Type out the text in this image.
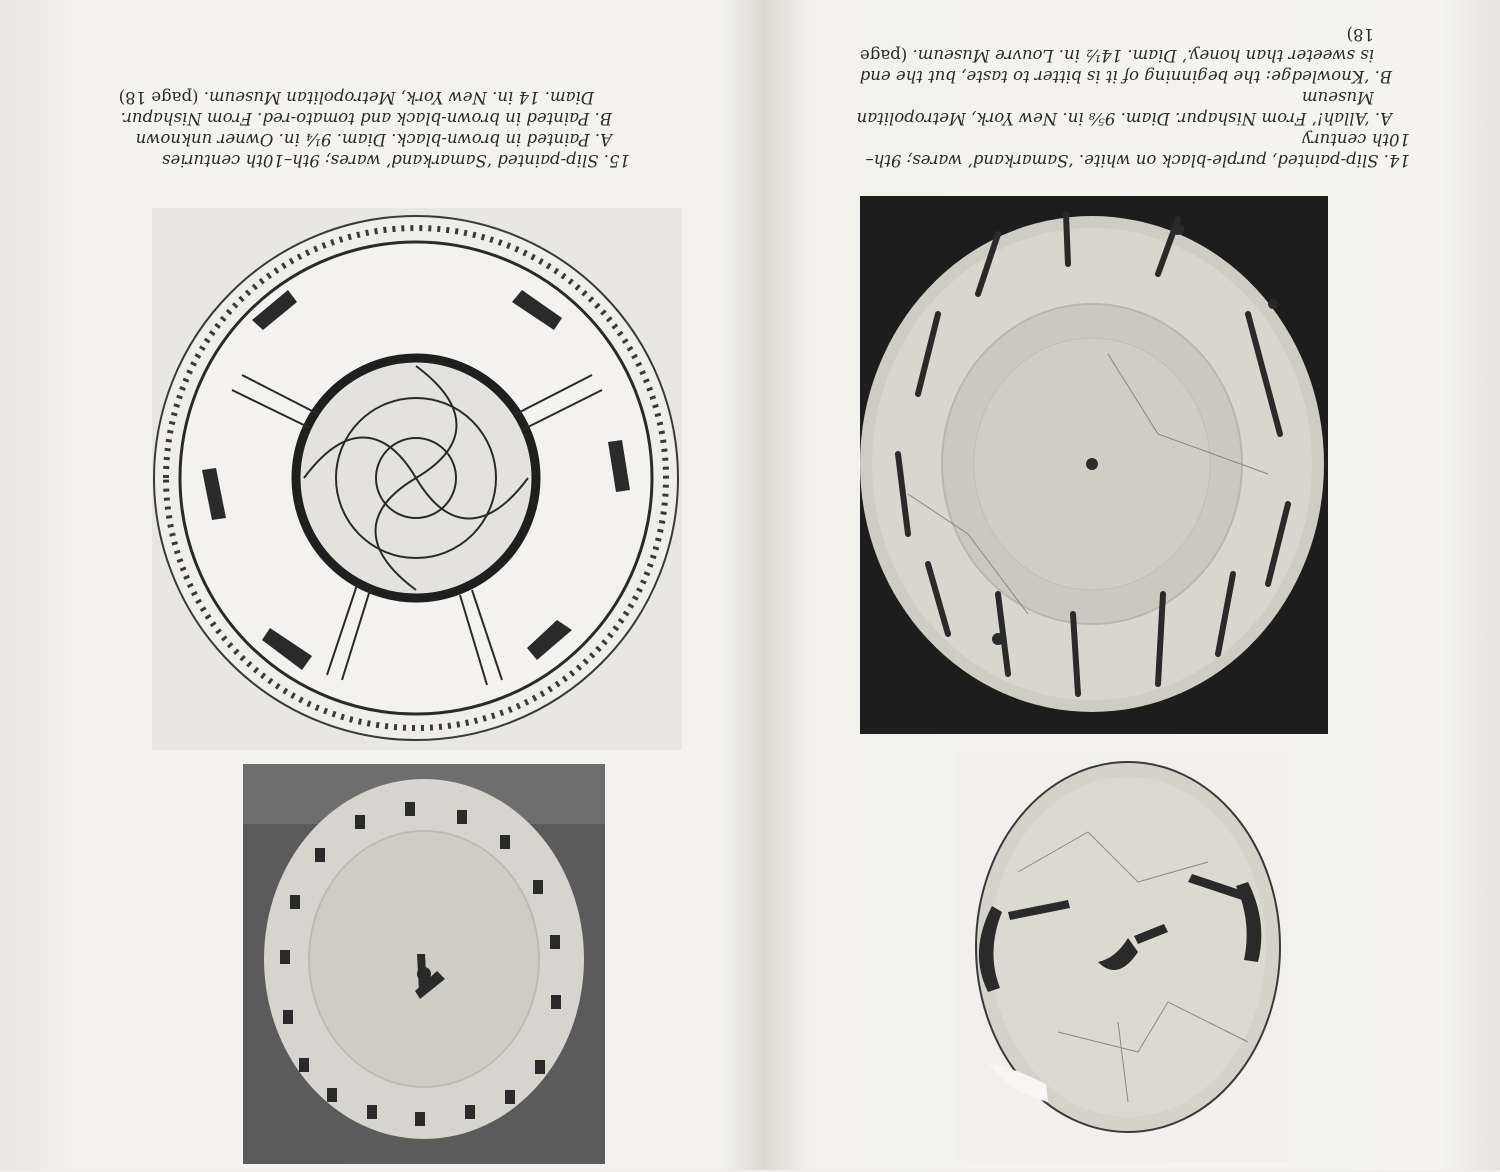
14. Slip-painted, purple-black on white. ‘Samarkand’ wares; 9th–10th century
A. ‘Allah!’ From Nishapur. Diam. 9⅝ in. New York, Metropolitan Museum
B. ‘Knowledge: the beginning of it is bitter to taste, but the end is sweeter than honey.’ Diam. 14½ in. Louvre Museum. (page 18)
15. Slip-painted ‘Samarkand’ wares; 9th–10th centuries
A. Painted in brown-black. Diam. 9¼ in. Owner unknown
B. Painted in brown-black and tomato-red. From Nishapur. Diam. 14 in. New York, Metropolitan Museum. (page 18)
